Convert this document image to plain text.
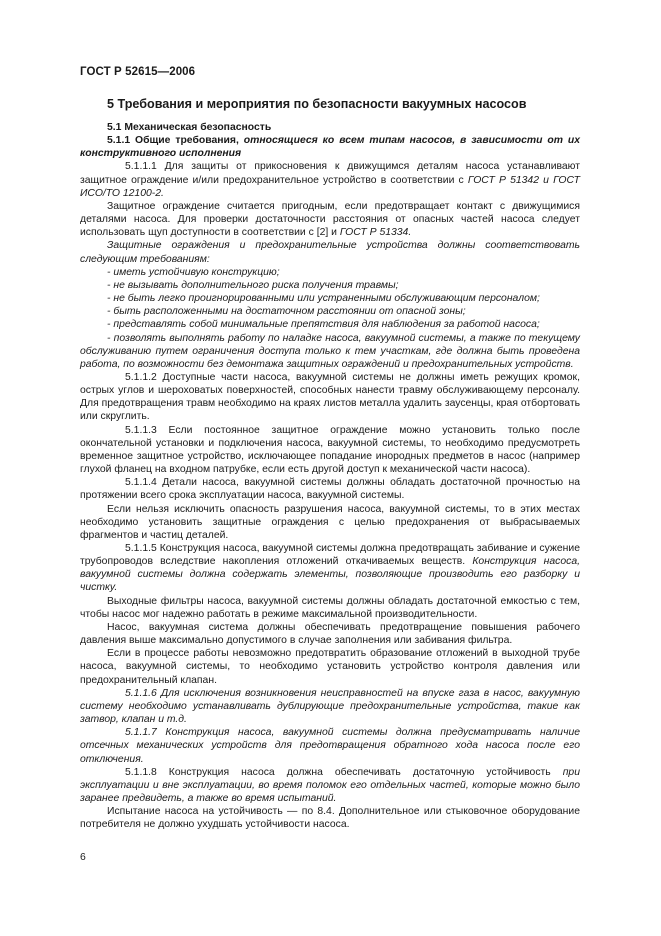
ГОСТ Р 52615—2006

5 Требования и мероприятия по безопасности вакуумных насосов

5.1 Механическая безопасность

5.1.1 Общие требования, относящиеся ко всем типам насосов, в зависимости от их конструктивного исполнения

5.1.1.1 Для защиты от прикосновения к движущимся деталям насоса устанавливают защитное ограждение и/или предохранительное устройство в соответствии с ГОСТ Р 51342 и ГОСТ ИСО/ТО 12100-2.

Защитное ограждение считается пригодным, если предотвращает контакт с движущимися деталями насоса. Для проверки достаточности расстояния от опасных частей насоса следует использовать щуп доступности в соответствии с [2] и ГОСТ Р 51334.

Защитные ограждения и предохранительные устройства должны соответствовать следующим требованиям:

- иметь устойчивую конструкцию;

- не вызывать дополнительного риска получения травмы;

- не быть легко проигнорированными или устраненными обслуживающим персоналом;

- быть расположенными на достаточном расстоянии от опасной зоны;

- представлять собой минимальные препятствия для наблюдения за работой насоса;

- позволять выполнять работу по наладке насоса, вакуумной системы, а также по текущему обслуживанию путем ограничения доступа только к тем участкам, где должна быть проведена работа, по возможности без демонтажа защитных ограждений и предохранительных устройств.

5.1.1.2 Доступные части насоса, вакуумной системы не должны иметь режущих кромок, острых углов и шероховатых поверхностей, способных нанести травму обслуживающему персоналу. Для предотвращения травм необходимо на краях листов металла удалить заусенцы, края отбортовать или скруглить.

5.1.1.3 Если постоянное защитное ограждение можно установить только после окончательной установки и подключения насоса, вакуумной системы, то необходимо предусмотреть временное защитное устройство, исключающее попадание инородных предметов в насос (например глухой фланец на входном патрубке, если есть другой доступ к механической части насоса).

5.1.1.4 Детали насоса, вакуумной системы должны обладать достаточной прочностью на протяжении всего срока эксплуатации насоса, вакуумной системы.

Если нельзя исключить опасность разрушения насоса, вакуумной системы, то в этих местах необходимо установить защитные ограждения с целью предохранения от выбрасываемых фрагментов и частиц деталей.

5.1.1.5 Конструкция насоса, вакуумной системы должна предотвращать забивание и сужение трубопроводов вследствие накопления отложений откачиваемых веществ. Конструкция насоса, вакуумной системы должна содержать элементы, позволяющие производить его разборку и чистку.

Выходные фильтры насоса, вакуумной системы должны обладать достаточной емкостью с тем, чтобы насос мог надежно работать в режиме максимальной производительности.

Насос, вакуумная система должны обеспечивать предотвращение повышения рабочего давления выше максимально допустимого в случае заполнения или забивания фильтра.

Если в процессе работы невозможно предотвратить образование отложений в выходной трубе насоса, вакуумной системы, то необходимо установить устройство контроля давления или предохранительный клапан.

5.1.1.6 Для исключения возникновения неисправностей на впуске газа в насос, вакуумную систему необходимо устанавливать дублирующие предохранительные устройства, такие как затвор, клапан и т.д.

5.1.1.7 Конструкция насоса, вакуумной системы должна предусматривать наличие отсечных механических устройств для предотвращения обратного хода насоса после его отключения.

5.1.1.8 Конструкция насоса должна обеспечивать достаточную устойчивость при эксплуатации и вне эксплуатации, во время поломок его отдельных частей, которые можно было заранее предвидеть, а также во время испытаний.

Испытание насоса на устойчивость — по 8.4. Дополнительное или стыковочное оборудование потребителя не должно ухудшать устойчивости насоса.

6
